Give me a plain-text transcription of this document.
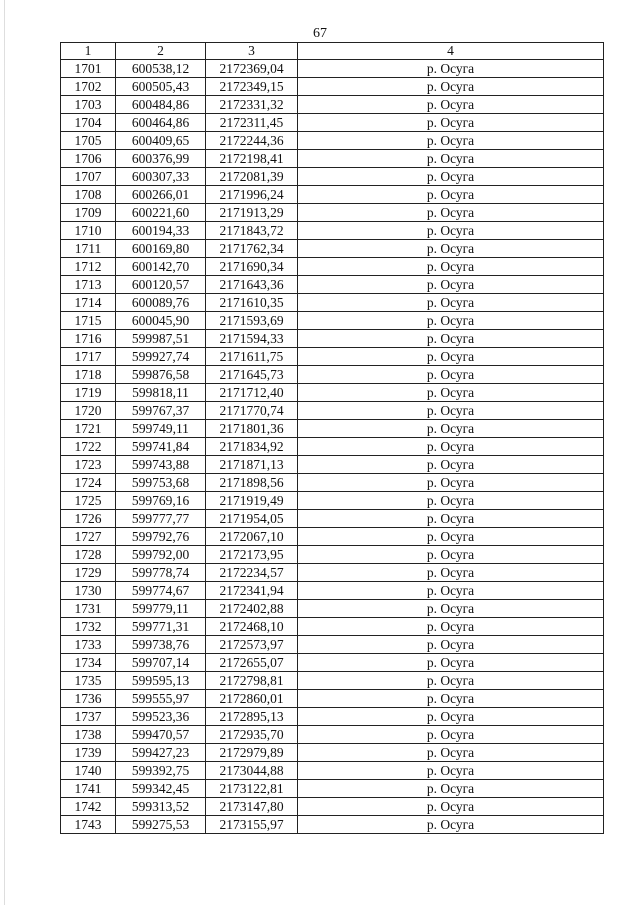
67
1	2	3	4
1701	600538,12	2172369,04	р. Осуга
1702	600505,43	2172349,15	р. Осуга
1703	600484,86	2172331,32	р. Осуга
1704	600464,86	2172311,45	р. Осуга
1705	600409,65	2172244,36	р. Осуга
1706	600376,99	2172198,41	р. Осуга
1707	600307,33	2172081,39	р. Осуга
1708	600266,01	2171996,24	р. Осуга
1709	600221,60	2171913,29	р. Осуга
1710	600194,33	2171843,72	р. Осуга
1711	600169,80	2171762,34	р. Осуга
1712	600142,70	2171690,34	р. Осуга
1713	600120,57	2171643,36	р. Осуга
1714	600089,76	2171610,35	р. Осуга
1715	600045,90	2171593,69	р. Осуга
1716	599987,51	2171594,33	р. Осуга
1717	599927,74	2171611,75	р. Осуга
1718	599876,58	2171645,73	р. Осуга
1719	599818,11	2171712,40	р. Осуга
1720	599767,37	2171770,74	р. Осуга
1721	599749,11	2171801,36	р. Осуга
1722	599741,84	2171834,92	р. Осуга
1723	599743,88	2171871,13	р. Осуга
1724	599753,68	2171898,56	р. Осуга
1725	599769,16	2171919,49	р. Осуга
1726	599777,77	2171954,05	р. Осуга
1727	599792,76	2172067,10	р. Осуга
1728	599792,00	2172173,95	р. Осуга
1729	599778,74	2172234,57	р. Осуга
1730	599774,67	2172341,94	р. Осуга
1731	599779,11	2172402,88	р. Осуга
1732	599771,31	2172468,10	р. Осуга
1733	599738,76	2172573,97	р. Осуга
1734	599707,14	2172655,07	р. Осуга
1735	599595,13	2172798,81	р. Осуга
1736	599555,97	2172860,01	р. Осуга
1737	599523,36	2172895,13	р. Осуга
1738	599470,57	2172935,70	р. Осуга
1739	599427,23	2172979,89	р. Осуга
1740	599392,75	2173044,88	р. Осуга
1741	599342,45	2173122,81	р. Осуга
1742	599313,52	2173147,80	р. Осуга
1743	599275,53	2173155,97	р. Осуга
